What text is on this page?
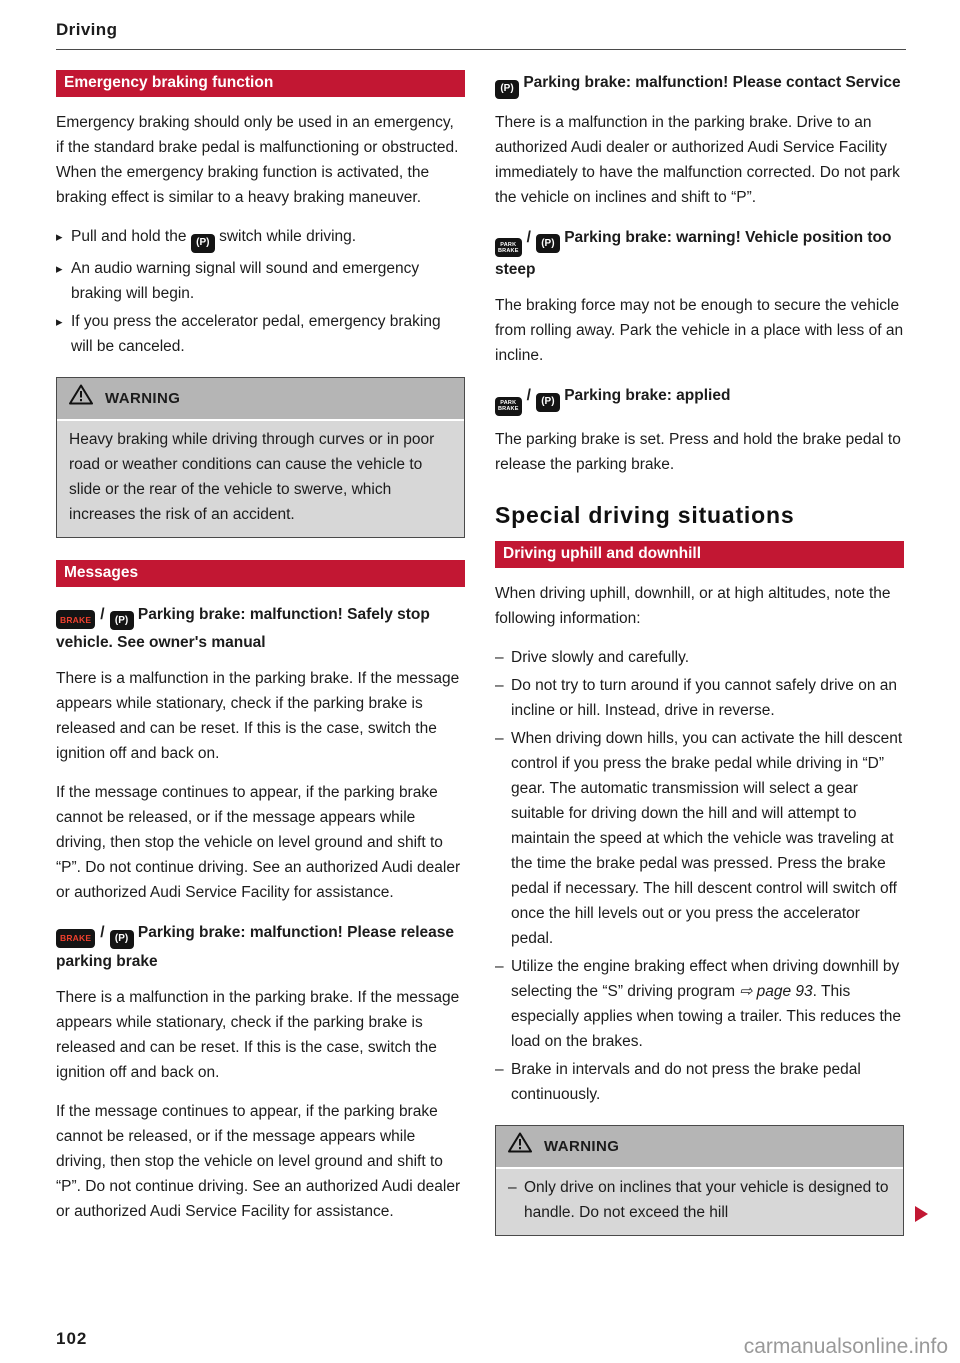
Driving
Emergency braking function

Emergency braking should only be used in an emergency, if the standard brake pedal is malfunctioning or obstructed. When the emergency braking function is activated, the braking effect is similar to a heavy braking maneuver.

▸ Pull and hold the (P) switch while driving.
▸ An audio warning signal will sound and emergency braking will begin.
▸ If you press the accelerator pedal, emergency braking will be canceled.
WARNING
Heavy braking while driving through curves or in poor road or weather conditions can cause the vehicle to slide or the rear of the vehicle to swerve, which increases the risk of an accident.
Messages
BRAKE / (P) Parking brake: malfunction! Safely stop vehicle. See owner's manual

There is a malfunction in the parking brake. If the message appears while stationary, check if the parking brake is released and can be reset. If this is the case, switch the ignition off and back on.

If the message continues to appear, if the parking brake cannot be released, or if the message appears while driving, then stop the vehicle on level ground and shift to “P”. Do not continue driving. See an authorized Audi dealer or authorized Audi Service Facility for assistance.

BRAKE / (P) Parking brake: malfunction! Please release parking brake

There is a malfunction in the parking brake. If the message appears while stationary, check if the parking brake is released and can be reset. If this is the case, switch the ignition off and back on.

If the message continues to appear, if the parking brake cannot be released, or if the message appears while driving, then stop the vehicle on level ground and shift to “P”. Do not continue driving. See an authorized Audi dealer or authorized Audi Service Facility for assistance.

(P) Parking brake: malfunction! Please contact Service

There is a malfunction in the parking brake. Drive to an authorized Audi dealer or authorized Audi Service Facility immediately to have the malfunction corrected. Do not park the vehicle on inclines and shift to “P”.

PARK
BRAKE
/ (P) Parking brake: warning! Vehicle position too steep

The braking force may not be enough to secure the vehicle from rolling away. Park the vehicle in a place with less of an incline.

PARK
BRAKE
/ (P) Parking brake: applied

The parking brake is set. Press and hold the brake pedal to release the parking brake.

Special driving situations
Driving uphill and downhill

When driving uphill, downhill, or at high altitudes, note the following information:

– Drive slowly and carefully.
– Do not try to turn around if you cannot safely drive on an incline or hill. Instead, drive in reverse.
– When driving down hills, you can activate the hill descent control if you press the brake pedal while driving in “D” gear. The automatic transmission will select a gear suitable for driving down the hill and will attempt to maintain the speed at which the vehicle was traveling at the time the brake pedal was pressed. Press the brake pedal if necessary. The hill descent control will switch off once the hill levels out or you press the accelerator pedal.
– Utilize the engine braking effect when driving downhill by selecting the “S” driving program ⇨ page 93. This especially applies when towing a trailer. This reduces the load on the brakes.
– Brake in intervals and do not press the brake pedal continuously.
WARNING
– Only drive on inclines that your vehicle is designed to handle. Do not exceed the hill
102	carmanualsonline.info
